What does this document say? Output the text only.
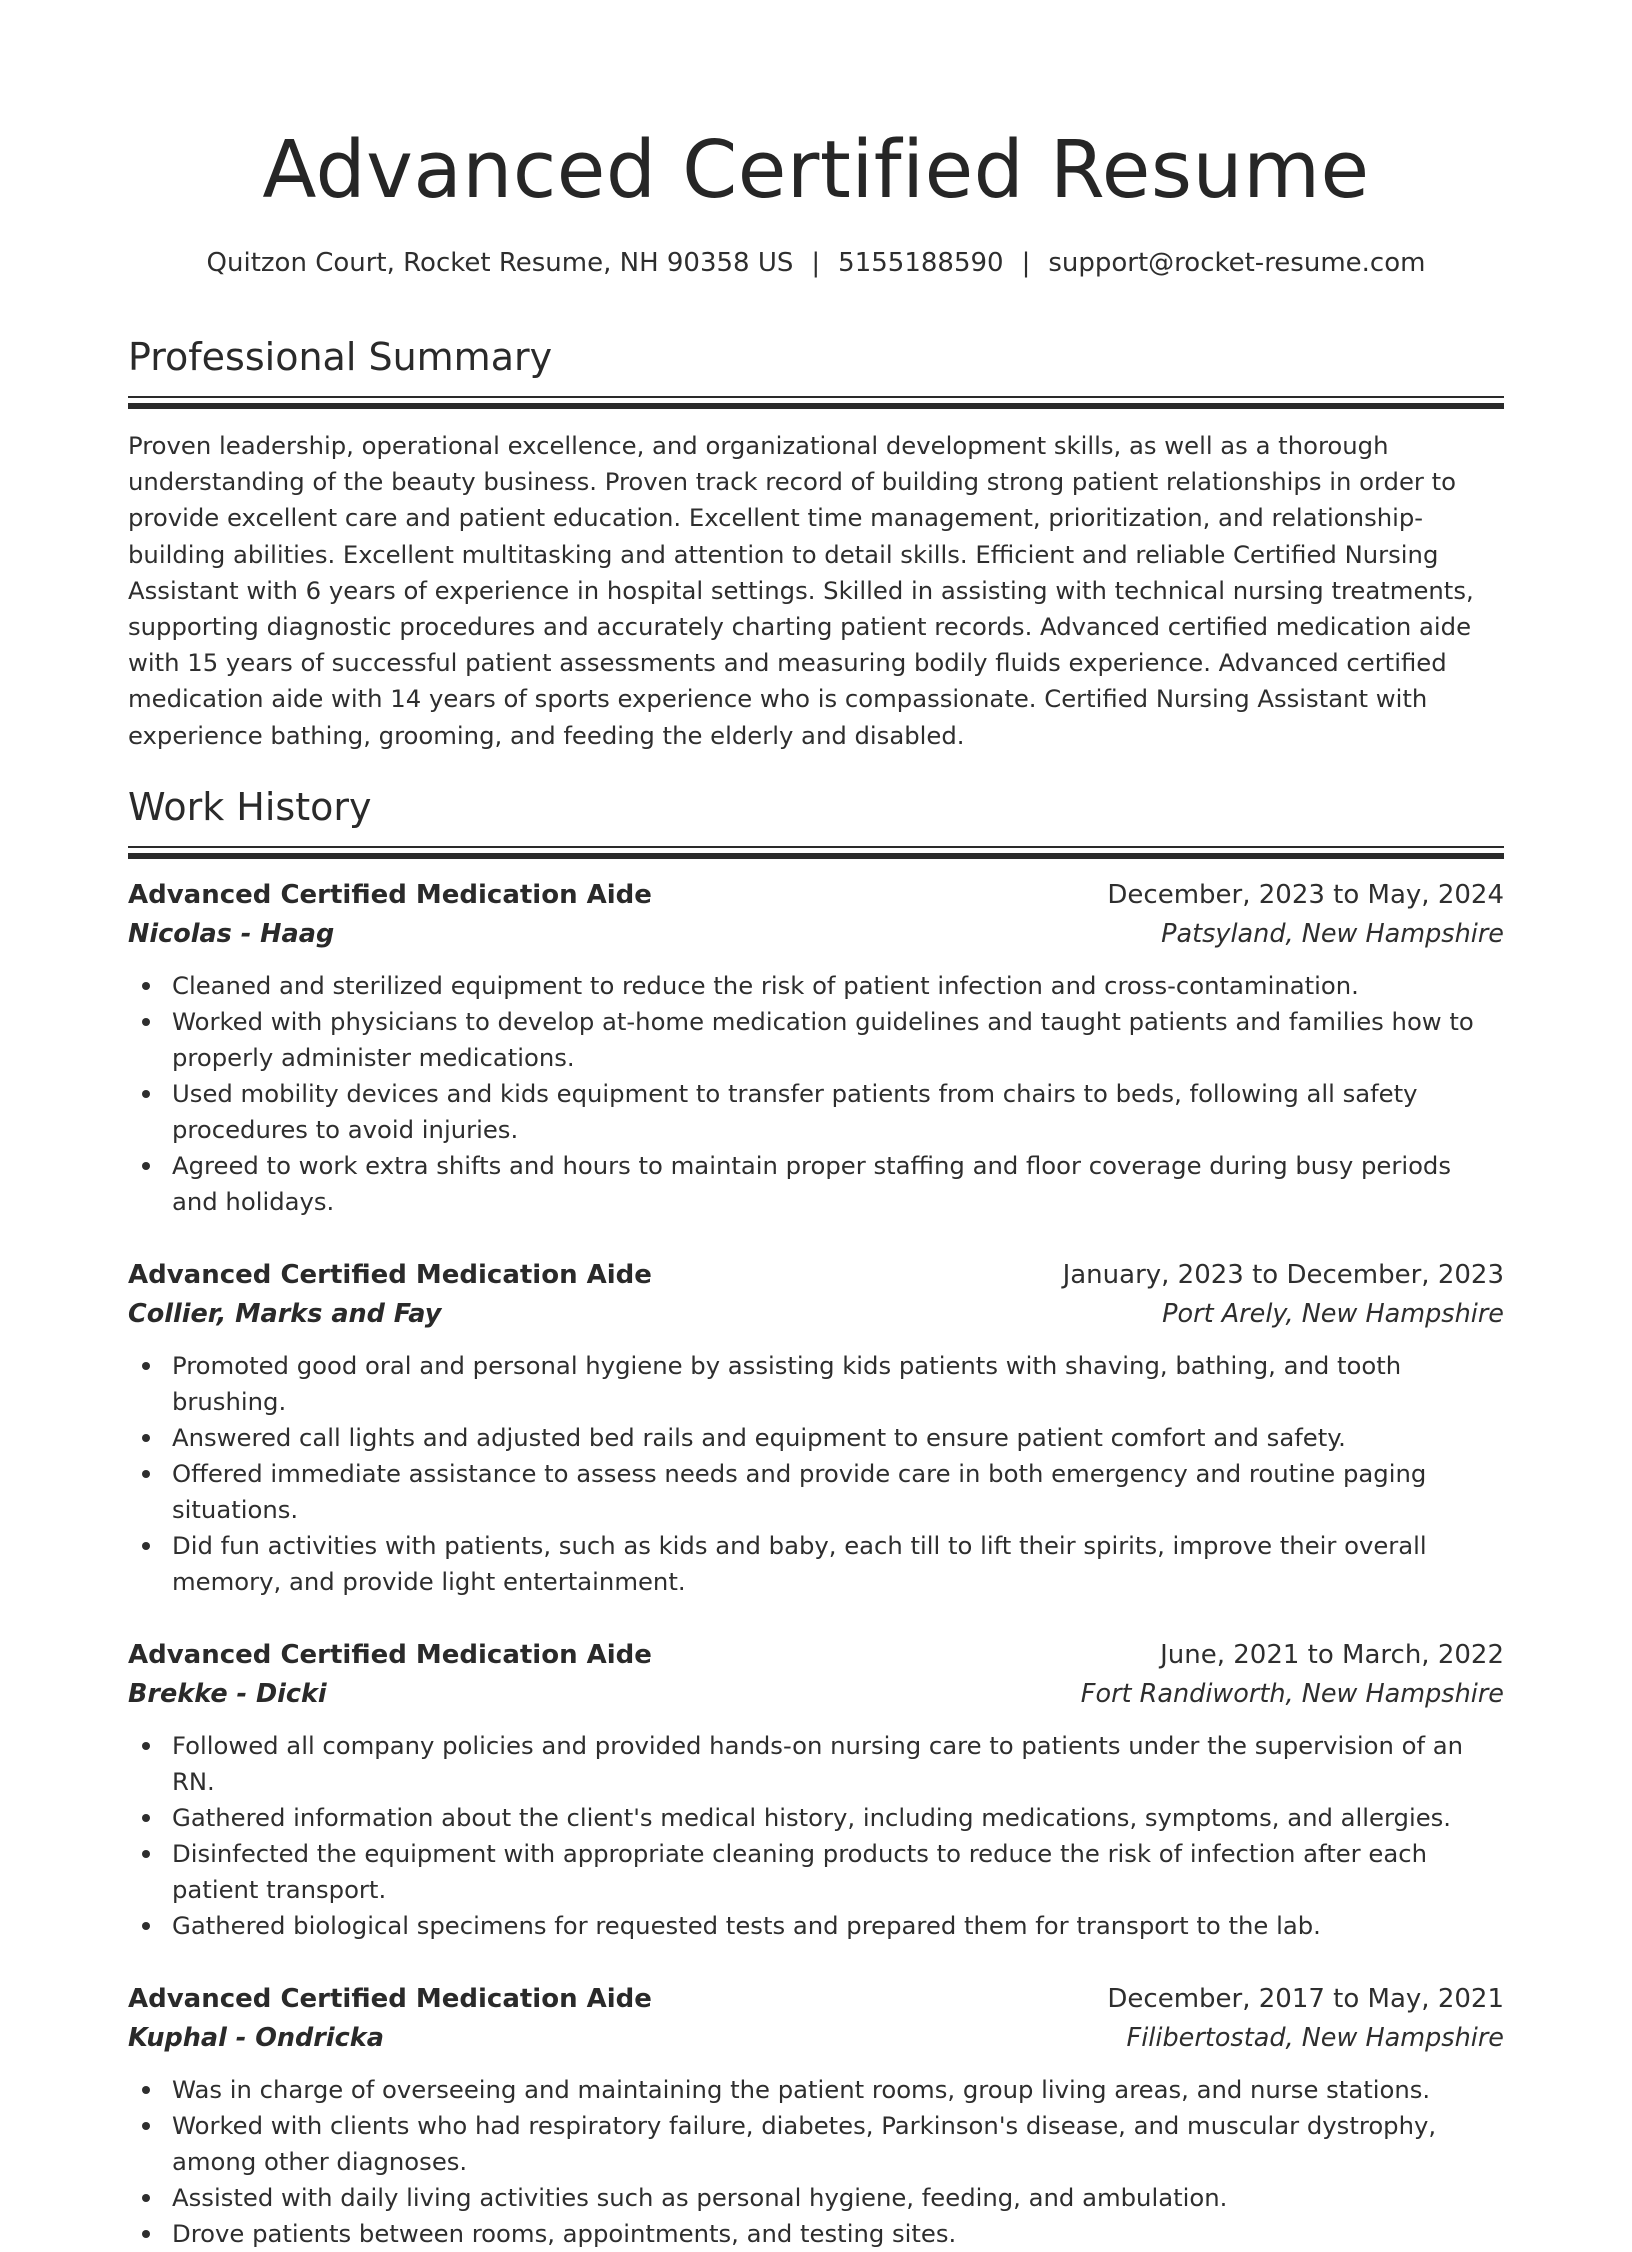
Advanced Certified Resume
Quitzon Court, Rocket Resume, NH 90358 US | 5155188590 | support@rocket-resume.com
Professional Summary

Proven leadership, operational excellence, and organizational development skills, as well as a thorough understanding of the beauty business. Proven track record of building strong patient relationships in order to provide excellent care and patient education. Excellent time management, prioritization, and relationship-building abilities. Excellent multitasking and attention to detail skills. Efficient and reliable Certified Nursing Assistant with 6 years of experience in hospital settings. Skilled in assisting with technical nursing treatments, supporting diagnostic procedures and accurately charting patient records. Advanced certified medication aide with 15 years of successful patient assessments and measuring bodily fluids experience. Advanced certified medication aide with 14 years of sports experience who is compassionate. Certified Nursing Assistant with experience bathing, grooming, and feeding the elderly and disabled.

Work History
Advanced Certified Medication Aide	December, 2023 to May, 2024
Nicolas - Haag	Patsyland, New Hampshire
Cleaned and sterilized equipment to reduce the risk of patient infection and cross-contamination.
Worked with physicians to develop at-home medication guidelines and taught patients and families how to properly administer medications.
Used mobility devices and kids equipment to transfer patients from chairs to beds, following all safety procedures to avoid injuries.
Agreed to work extra shifts and hours to maintain proper staffing and floor coverage during busy periods and holidays.
Advanced Certified Medication Aide	January, 2023 to December, 2023
Collier, Marks and Fay	Port Arely, New Hampshire
Promoted good oral and personal hygiene by assisting kids patients with shaving, bathing, and tooth brushing.
Answered call lights and adjusted bed rails and equipment to ensure patient comfort and safety.
Offered immediate assistance to assess needs and provide care in both emergency and routine paging situations.
Did fun activities with patients, such as kids and baby, each till to lift their spirits, improve their overall memory, and provide light entertainment.
Advanced Certified Medication Aide	June, 2021 to March, 2022
Brekke - Dicki	Fort Randiworth, New Hampshire
Followed all company policies and provided hands-on nursing care to patients under the supervision of an RN.
Gathered information about the client's medical history, including medications, symptoms, and allergies.
Disinfected the equipment with appropriate cleaning products to reduce the risk of infection after each patient transport.
Gathered biological specimens for requested tests and prepared them for transport to the lab.
Advanced Certified Medication Aide	December, 2017 to May, 2021
Kuphal - Ondricka	Filibertostad, New Hampshire
Was in charge of overseeing and maintaining the patient rooms, group living areas, and nurse stations.
Worked with clients who had respiratory failure, diabetes, Parkinson's disease, and muscular dystrophy, among other diagnoses.
Assisted with daily living activities such as personal hygiene, feeding, and ambulation.
Drove patients between rooms, appointments, and testing sites.
